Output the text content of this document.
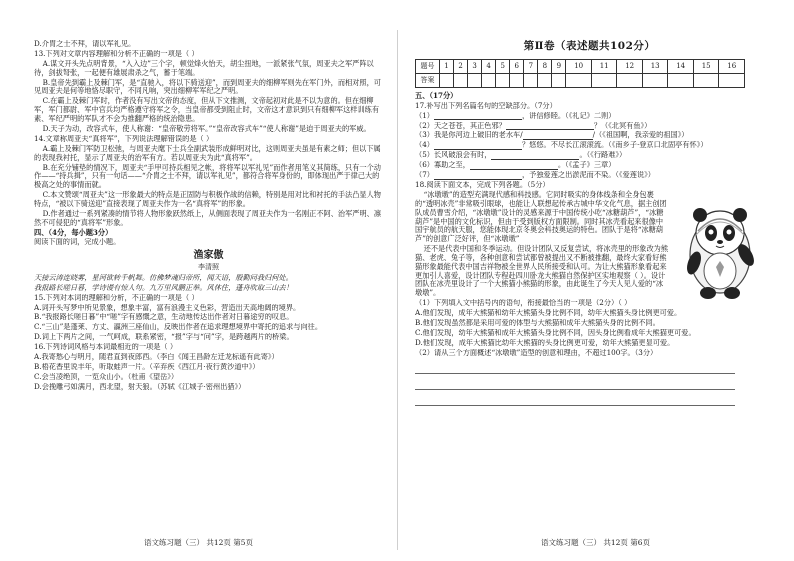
D.介胄之士不拜，请以军礼见。
13.下列对文章内容理解和分析不正确的一项是（ ）
A.谋文开头先点明背景，“入入边”三个字，顿觉烽火怡天，胡尘扭地，一派紧张气氛，周亚夫之军严阵以待，剑拔弩张，一起便有雄展肃杀之气，蓄于笔端。
B.皇帝先到霸上及棘门军，是“直驰入，将以下骑送迎”，而到周亚夫的细柳军则先在军门外，而相对照，可见周亚夫是何等地恪尽职守，不同凡响，突出细柳军军纪之严明。
C.在霸上及棘门军时，作者没有写出文帝的态度，但从下文推测，文帝起初对此是不以为意的。但在细柳军，军门都尉、军中官兵均严格遵守将军之令，当皇帝都受到阻止时，文帝这才意识到只有细柳军这样训练有素、军纪严明的军队才不会为推翻严格的统治隐患。
D.天子为动，改容式车，使人称谢：“皇帝敬劳将军。”“皇帝改容式车”“使人称谢”是迫于周亚夫的军威。
14.文章称周亚夫“真将军”，下列说法理解错误的是（ ）
A.霸上及棘门军防卫松弛，与周亚夫麾下士兵全副武装形成鲜明对比，这则周亚夫虽是有素之师；但以下属的表现我衬托，显示了周亚夫的治军有方。若以周亚夫为此“真将军”。
B.在充分铺垫的情况下，周亚夫“手甲可持兵相见之帐，将将军以军礼见”而作者用笔义其简练，只有一个动作——“持兵揖”，只有一句话——“介胄之士不拜，请以军礼见”，都符合将军身份的，即体现出严于律己大的极高之处的事情而就。
C.本文赞颂“周亚夫”这一形象最大的特点是正固防与积极作战的信赖，特别是用对比和衬托的手法凸显人物特点，“被以下骑送迎”直接表现了周亚夫作为一名“真将军”的形象。
D.作者通过一系列紧凑的情节将人物形象跃然纸上，从侧面表现了周亚夫作为一名刚正不阿、治军严明、凛然不可侵犯的“真将军”形象。
四、（4分，每小题3分）
阅读下面的词，完成小题。
渔家傲
李清照
天接云涛连晓雾，星河欲转千帆舞。仿佛梦魂归帝所，闻天语，殷勤问我归何处。
我报路长嗟日暮，学诗谩有惊人句。九万里风鹏正举。风休住，蓬舟吹取三山去！
15.下列对本词的理解和分析，不正确的一项是（ ）
A.词开头写梦中所见景象，想象丰富，富有浪漫主义色彩，营造出天高地阔的境界。
B.“我报路长嗟日暮”中“嗟”字有感慨之意，生动地传达出作者对日暮途穷的叹息。
C.“三山”是蓬莱、方丈、瀛洲三座仙山，反映出作者在追求理想境界中寄托的追求与向往。
D.词上下两片之间，一气呵成，联系紧密，“报”字与“问”字，是跨越两片的桥梁。
16.下列诗词风格与本词最相近的一项是（ ）
A.我寄愁心与明月，随君直到夜郎西。（李白《闻王昌龄左迁龙标遥有此寄》）
B.梧花香里说丰年，听取蛙声一片。（辛弃疾《西江月·夜行黄沙道中》）
C.会当凌绝顶，一览众山小。（杜甫《望岳》）
D.会挽雕弓如满月，西北望，射天狼。（苏轼《江城子·密州出猎》）
语文练习题（三） 共12页 第5页
第Ⅱ卷（表述题共102分）
题号	1	2	3	4	5	6	7	8	9	10	11	12	13	14	15	16
答案																
五、（17分）
17.补写出下列名篇名句的空缺部分。（7分）
（1）	，讲信修睦。（《礼记》二则）
（2）天之苍苍，其正色邪？	？（《北冥有鱼》）
（3）我是你河边上破旧的老水车/	/（《祖国啊，我亲爱的祖国》）
（4）	？悠悠。不尽长江滚滚流。（《南乡子·登京口北固亭有怀》）
（5）长风破浪会有时，	。（《行路难》）
（6）寡助之至，	。（《孟子》三章）
（7）	，予独爱莲之出淤泥而不染。（《爱莲说》）
18.阅读下面文本，完成下列各题。（5分）
“冰墩墩”的造型充满现代感和科技感。它同时吸实的身体线条和全身包裹的“透明冰壳”非常吸引眼球，也能让人联想起传承古城中华文化气息，据主创团队成员曹雪介绍，“冰墩墩”设计的灵感来源于中国传统小吃“冰糖葫芦”，“冰糖葫芦”是中国的文化标识，但由于受到版权方面限制。同时其冰壳看起来很像中国宇航员的航天服，您能体现北京冬奥会科技奥运的特色。团队于是将“冰糖葫芦”的创意广泛好评，但“冰墩墩”
还不是代表中国和冬季运动。但设计团队又反复尝试，将冰壳里的形象改为熊猫、老虎、兔子等，各种创意和尝试都曾被提出又不断被推翻，最终大家看好熊猫形象最能代表中国吉祥物被全世界人民所接受和认可。为让大熊猫形象看起来更加引人喜爱，设计团队专程赴四川卧龙大熊猫自然保护区实地观察（ ）。设计团队在冰壳里设计了一个大熊猫小熊猫的形象，由此诞生了今天人见人爱的“冰墩墩”。
（1）下列填入文中括号内的语句，衔接最恰当的一项是（2分）（ ）
A.他们发现，成年大熊猫和幼年大熊猫头身比例不同，幼年大熊猫头身比例更可爱。
B.他们发现虽然都是采用可爱的体型与大熊猫和成年大熊猫头身的比例不同。
C.他们发现，幼年大熊猫和成年大熊猫头身比例不同，因头身比例看成年大熊猫更可爱。
D.他们发现，成年大熊猫比幼年大熊猫的头身比例更可爱，幼年大熊猫更显可爱。
（2）请从三个方面概述“冰墩墩”造型的创意和理由，不超过100字。（3分）
语文练习题（三） 共12页 第6页
